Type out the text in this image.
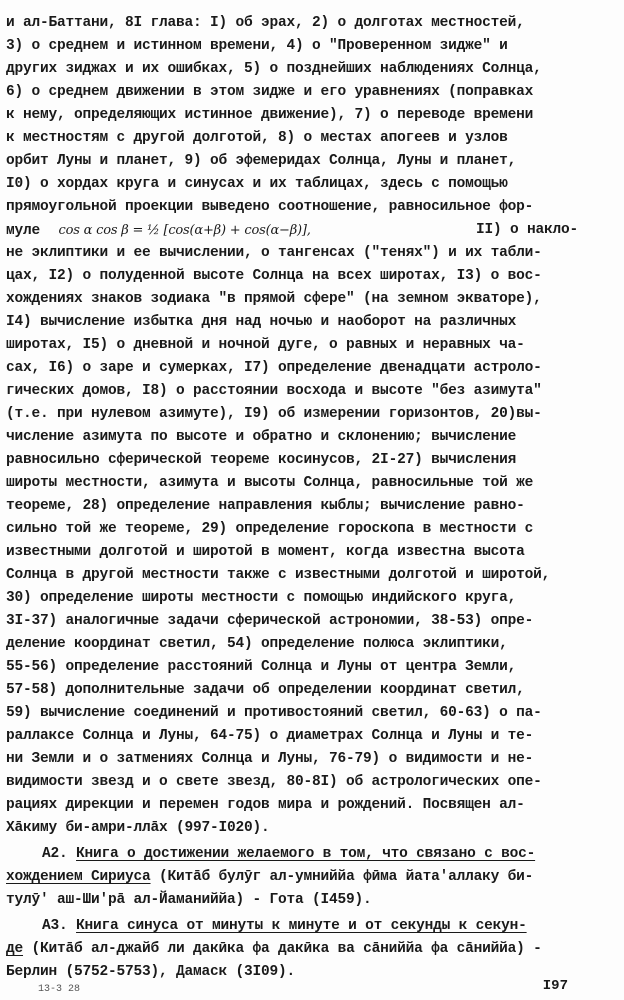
и ал-Баттани, 8I глава: I) об эрах, 2) о долготах местностей,
3) о среднем и истинном времени, 4) о "Проверенном зидже" и
других зиджах и их ошибках, 5) о позднейших наблюдениях Солнца,
6) о среднем движении в этом зидже и его уравнениях (поправках
к нему, определяющих истинное движение), 7) о переводе времени
к местностям с другой долготой, 8) о местах апогеев и узлов
орбит Луны и планет, 9) об эфемеридах Солнца, Луны и планет,
I0) о хордах круга и синусах и их таблицах, здесь с помощью
прямоугольной проекции выведено соотношение, равносильное фор-
муле cos α cos β = ½ [cos(α+β) + cos(α−β)],	II) о накло-
не эклиптики и ее вычислении, о тангенсах ("тенях") и их табли-
цах, I2) о полуденной высоте Солнца на всех широтах, I3) о вос-
хождениях знаков зодиака "в прямой сфере" (на земном экваторе),
I4) вычисление избытка дня над ночью и наоборот на различных
широтах, I5) о дневной и ночной дуге, о равных и неравных ча-
сах, I6) о заре и сумерках, I7) определение двенадцати астроло-
гических домов, I8) о расстоянии восхода и высоте "без азимута"
(т.е. при нулевом азимуте), I9) об измерении горизонтов, 20)вы-
числение азимута по высоте и обратно и склонению; вычисление
равносильно сферической теореме косинусов, 2I-27) вычисления
широты местности, азимута и высоты Солнца, равносильные той же
теореме, 28) определение направления кыблы; вычисление равно-
сильно той же теореме, 29) определение гороскопа в местности с
известными долготой и широтой в момент, когда известна высота
Солнца в другой местности также с известными долготой и широтой,
30) определение широты местности с помощью индийского круга,
3I-37) аналогичные задачи сферической астрономии, 38-53) опре-
деление координат светил, 54) определение полюса эклиптики,
55-56) определение расстояний Солнца и Луны от центра Земли,
57-58) дополнительные задачи об определении координат светил,
59) вычисление соединений и противостояний светил, 60-63) о па-
раллаксе Солнца и Луны, 64-75) о диаметрах Солнца и Луны и те-
ни Земли и о затмениях Солнца и Луны, 76-79) о видимости и не-
видимости звезд и о свете звезд, 80-8I) об астрологических опе-
рациях дирекции и перемен годов мира и рождений. Посвящен ал-
Хāкиму би-амри-ллāх (997-I020).
A2. Книга о достижении желаемого в том, что связано с вос-
хождением Сириуса (Китāб булӯг ал-умниййа фӣма йата'аллаку би-
тулӯ' аш-Ши'рā ал-Йаманиййа) - Гота (I459).
A3. Книга синуса от минуты к минуте и от секунды к секун-
де (Китāб ал-джайб ли дакӣка фа дакӣка ва сāниййа фа сāниййа) -
Берлин (5752-5753), Дамаск (3I09).
13-3 28	I97
